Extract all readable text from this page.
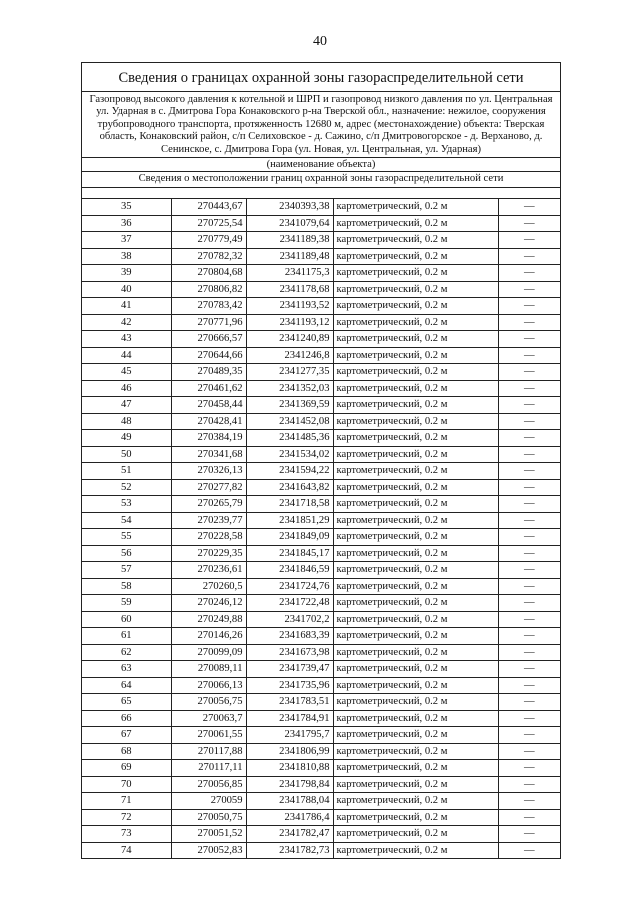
40
Сведения о границах охранной зоны газораспределительной сети
Газопровод высокого давления к котельной и ШРП и газопровод низкого давления по ул. Центральная ул. Ударная в с. Дмитрова Гора Конаковского р-на Тверской обл., назначение: нежилое, сооружения трубопроводного транспорта, протяженность 12680 м, адрес (местонахождение) объекта: Тверская область, Конаковский район, с/п Селиховское - д. Сажино, с/п Дмитровогорское - д. Верханово, д. Сенинское, с. Дмитрова Гора (ул. Новая, ул. Центральная, ул. Ударная)
(наименование объекта)
Сведения о местоположении границ охранной зоны газораспределительной сети
35	270443,67	2340393,38	картометрический, 0.2 м	—
36	270725,54	2341079,64	картометрический, 0.2 м	—
37	270779,49	2341189,38	картометрический, 0.2 м	—
38	270782,32	2341189,48	картометрический, 0.2 м	—
39	270804,68	2341175,3	картометрический, 0.2 м	—
40	270806,82	2341178,68	картометрический, 0.2 м	—
41	270783,42	2341193,52	картометрический, 0.2 м	—
42	270771,96	2341193,12	картометрический, 0.2 м	—
43	270666,57	2341240,89	картометрический, 0.2 м	—
44	270644,66	2341246,8	картометрический, 0.2 м	—
45	270489,35	2341277,35	картометрический, 0.2 м	—
46	270461,62	2341352,03	картометрический, 0.2 м	—
47	270458,44	2341369,59	картометрический, 0.2 м	—
48	270428,41	2341452,08	картометрический, 0.2 м	—
49	270384,19	2341485,36	картометрический, 0.2 м	—
50	270341,68	2341534,02	картометрический, 0.2 м	—
51	270326,13	2341594,22	картометрический, 0.2 м	—
52	270277,82	2341643,82	картометрический, 0.2 м	—
53	270265,79	2341718,58	картометрический, 0.2 м	—
54	270239,77	2341851,29	картометрический, 0.2 м	—
55	270228,58	2341849,09	картометрический, 0.2 м	—
56	270229,35	2341845,17	картометрический, 0.2 м	—
57	270236,61	2341846,59	картометрический, 0.2 м	—
58	270260,5	2341724,76	картометрический, 0.2 м	—
59	270246,12	2341722,48	картометрический, 0.2 м	—
60	270249,88	2341702,2	картометрический, 0.2 м	—
61	270146,26	2341683,39	картометрический, 0.2 м	—
62	270099,09	2341673,98	картометрический, 0.2 м	—
63	270089,11	2341739,47	картометрический, 0.2 м	—
64	270066,13	2341735,96	картометрический, 0.2 м	—
65	270056,75	2341783,51	картометрический, 0.2 м	—
66	270063,7	2341784,91	картометрический, 0.2 м	—
67	270061,55	2341795,7	картометрический, 0.2 м	—
68	270117,88	2341806,99	картометрический, 0.2 м	—
69	270117,11	2341810,88	картометрический, 0.2 м	—
70	270056,85	2341798,84	картометрический, 0.2 м	—
71	270059	2341788,04	картометрический, 0.2 м	—
72	270050,75	2341786,4	картометрический, 0.2 м	—
73	270051,52	2341782,47	картометрический, 0.2 м	—
74	270052,83	2341782,73	картометрический, 0.2 м	—
